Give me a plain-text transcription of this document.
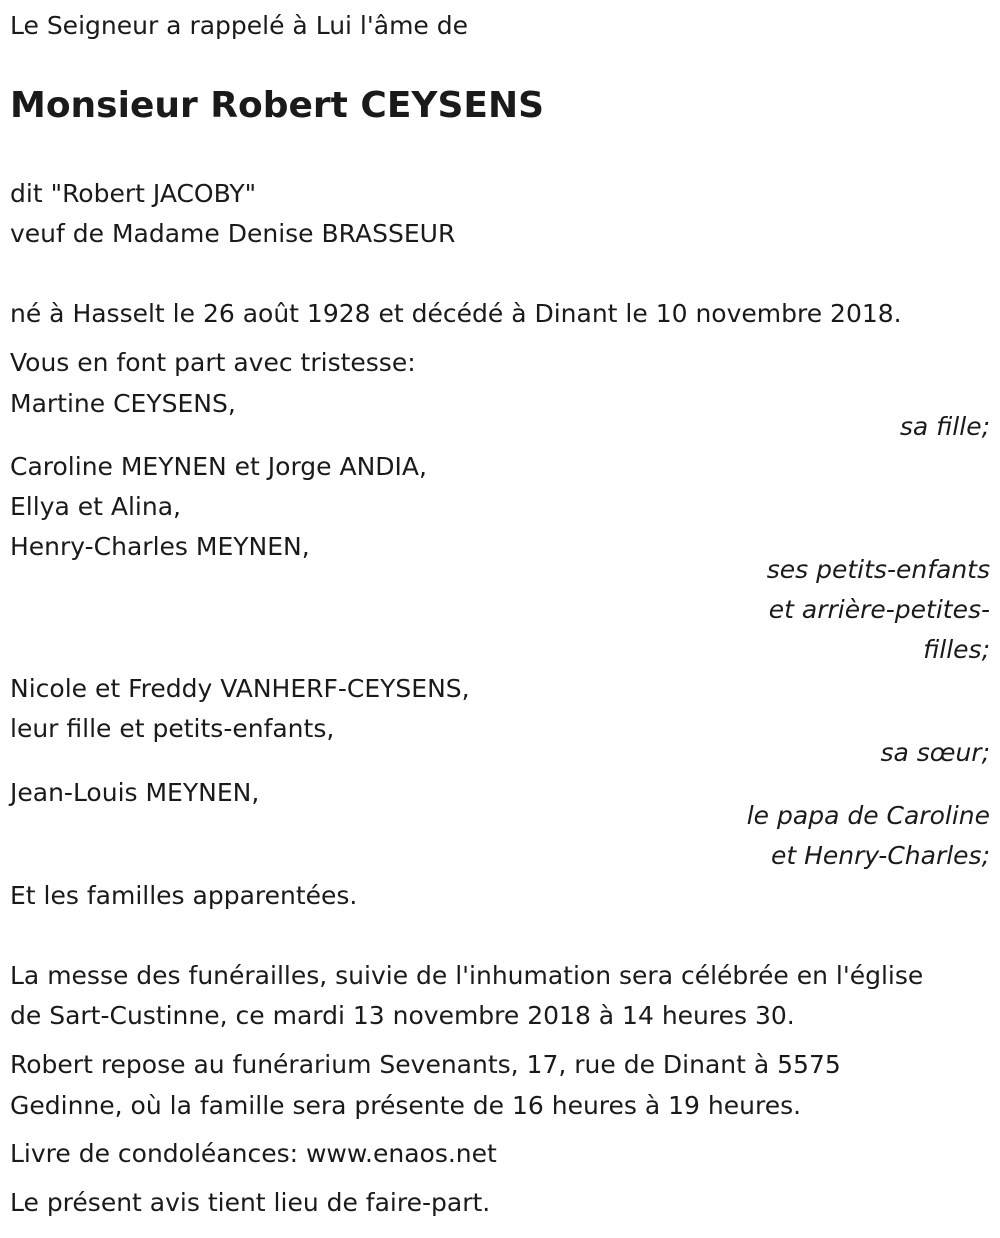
Le Seigneur a rappelé à Lui l'âme de

Monsieur Robert CEYSENS

dit "Robert JACOBY"

veuf de Madame Denise BRASSEUR

né à Hasselt le 26 août 1928 et décédé à Dinant le 10 novembre 2018.

Vous en font part avec tristesse:

Martine CEYSENS,

sa fille;

Caroline MEYNEN et Jorge ANDIA,

Ellya et Alina,

Henry-Charles MEYNEN,

ses petits-enfants

et arrière-petites-

filles;

Nicole et Freddy VANHERF-CEYSENS,

leur fille et petits-enfants,

sa sœur;

Jean-Louis MEYNEN,

le papa de Caroline

et Henry-Charles;

Et les familles apparentées.

La messe des funérailles, suivie de l'inhumation sera célébrée en l'église

de Sart-Custinne, ce mardi 13 novembre 2018 à 14 heures 30.

Robert repose au funérarium Sevenants, 17, rue de Dinant à 5575

Gedinne, où la famille sera présente de 16 heures à 19 heures.

Livre de condoléances: www.enaos.net

Le présent avis tient lieu de faire-part.
